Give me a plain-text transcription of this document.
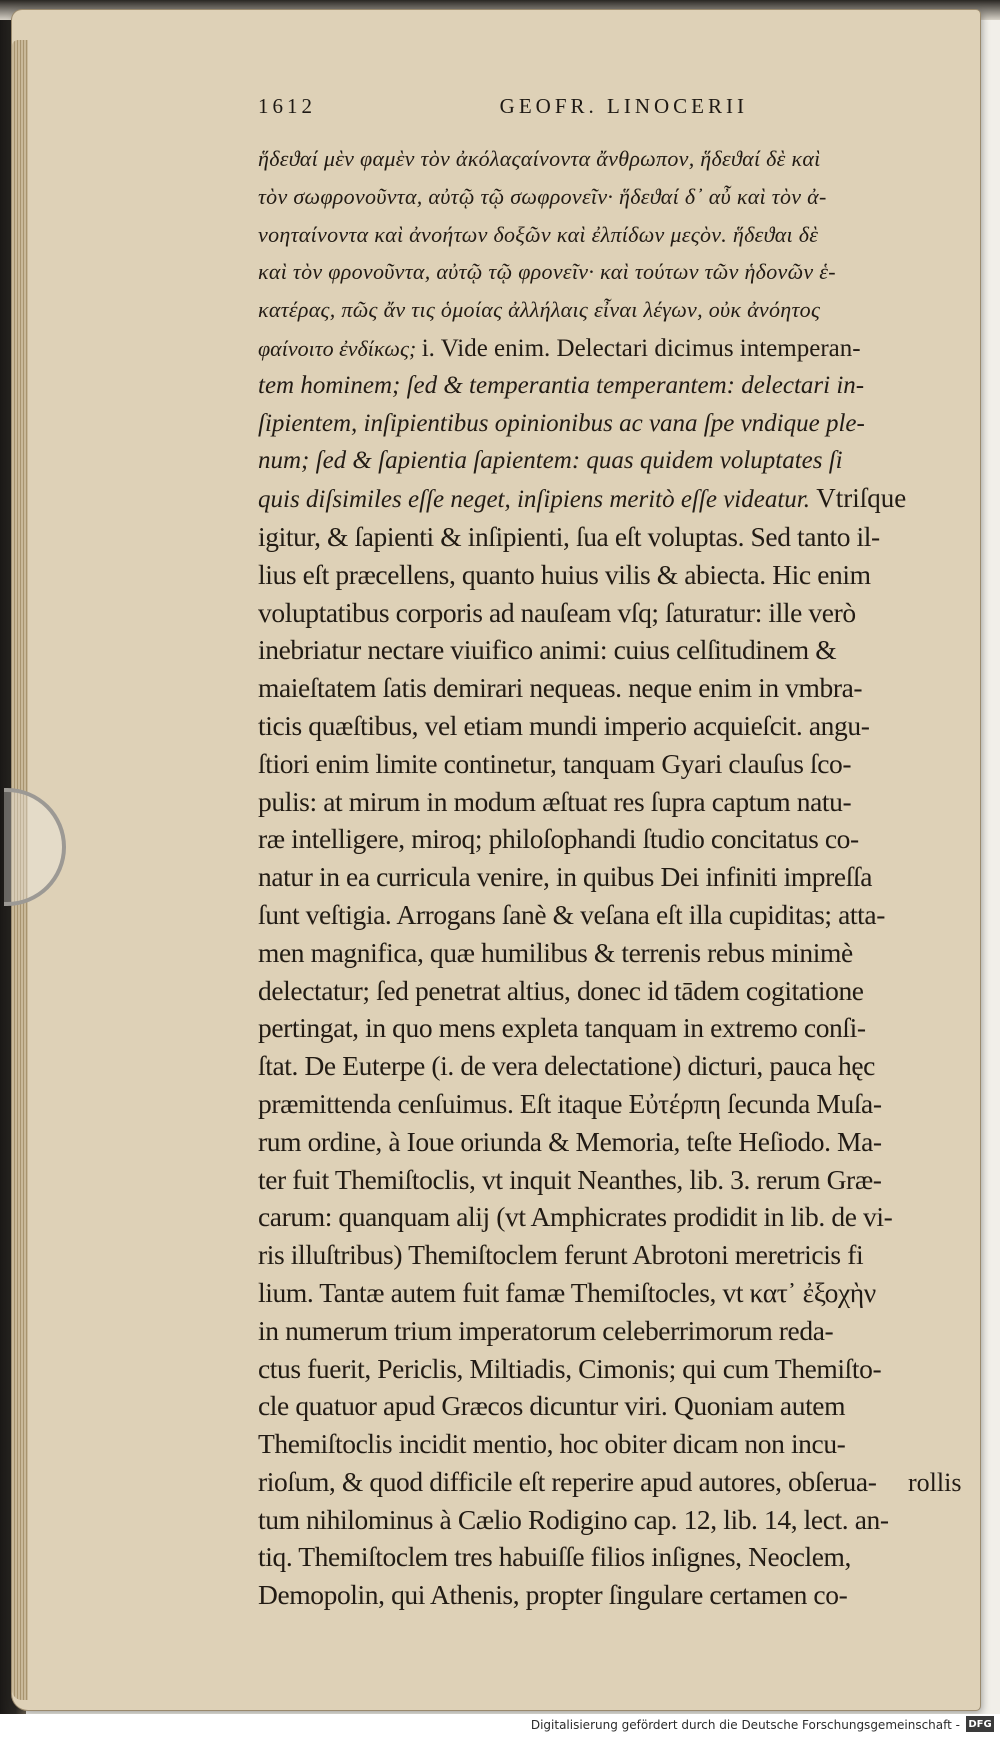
1612	GEOFR. LINOCERII
ἥδεϑαί μὲν φαμὲν τὸν ἀκόλαςαίνοντα ἄνθρωπον, ἥδεϑαί δὲ καὶ
τὸν σωφρονοῦντα, αὐτῷ τῷ σωφρονεῖν· ἥδεϑαί δ᾽ αὖ καὶ τὸν ἀ-
νοηταίνοντα καὶ ἀνοήτων δοξῶν καὶ ἐλπίδων μεςὸν. ἥδεϑαι δὲ
καὶ τὸν φρονοῦντα, αὐτῷ τῷ φρονεῖν· καὶ τούτων τῶν ἡδονῶν ἑ-
κατέρας, πῶς ἄν τις ὁμοίας ἀλλήλαις εἶναι λέγων, οὐκ ἀνόητος
φαίνοιτο ἐνδίκως; i. Vide enim. Delectari dicimus intemperan-
tem hominem; ſed & temperantia temperantem: delectari in-
ſipientem, inſipientibus opinionibus ac vana ſpe vndique ple-
num; ſed & ſapientia ſapientem: quas quidem voluptates ſi
quis diſsimiles eſſe neget, inſipiens meritò eſſe videatur. Vtriſque
igitur, & ſapienti & inſipienti, ſua eſt voluptas. Sed tanto il-
lius eſt præcellens, quanto huius vilis & abiecta. Hic enim
voluptatibus corporis ad nauſeam vſq; ſaturatur: ille verò
inebriatur nectare viuifico animi: cuius celſitudinem &
maieſtatem ſatis demirari nequeas. neque enim in vmbra-
ticis quæſtibus, vel etiam mundi imperio acquieſcit. angu-
ſtiori enim limite continetur, tanquam Gyari clauſus ſco-
pulis: at mirum in modum æſtuat res ſupra captum natu-
ræ intelligere, miroq; philoſophandi ſtudio concitatus co-
natur in ea curricula venire, in quibus Dei infiniti impreſſa
ſunt veſtigia. Arrogans ſanè & veſana eſt illa cupiditas; atta-
men magnifica, quæ humilibus & terrenis rebus minimè
delectatur; ſed penetrat altius, donec id tādem cogitatione
pertingat, in quo mens expleta tanquam in extremo conſi-
ſtat. De Euterpe (i. de vera delectatione) dicturi, pauca hęc
præmittenda cenſuimus. Eſt itaque Εὐτέρπη ſecunda Muſa-
rum ordine, à Ioue oriunda & Memoria, teſte Heſiodo. Ma-
ter fuit Themiſtoclis, vt inquit Neanthes, lib. 3. rerum Græ-
carum: quanquam alij (vt Amphicrates prodidit in lib. de vi-
ris illuſtribus) Themiſtoclem ferunt Abrotoni meretricis fi
lium. Tantæ autem fuit famæ Themiſtocles, vt κατ᾽ ἐξοχὴν
in numerum trium imperatorum celeberrimorum reda-
ctus fuerit, Periclis, Miltiadis, Cimonis; qui cum Themiſto-
cle quatuor apud Græcos dicuntur viri. Quoniam autem
Themiſtoclis incidit mentio, hoc obiter dicam non incu-
rioſum, & quod difficile eſt reperire apud autores, obſerua-
tum nihilominus à Cælio Rodigino cap. 12, lib. 14, lect. an-
tiq. Themiſtoclem tres habuiſſe filios inſignes, Neoclem,
Demopolin, qui Athenis, propter ſingulare certamen co-
rollis
Digitalisierung gefördert durch die Deutsche Forschungsgemeinschaft - DFG
